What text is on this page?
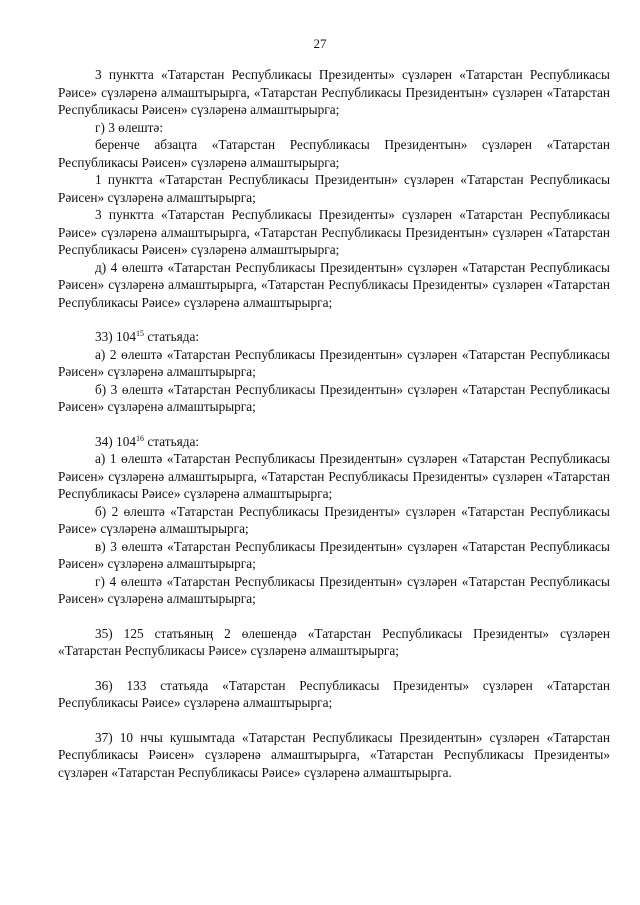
27

3 пунктта «Татарстан Республикасы Президенты» сүзләрен «Татарстан Республикасы Рәисе» сүзләренә алмаштырырга, «Татарстан Республикасы Президентын» сүзләрен «Татарстан Республикасы Рәисен» сүзләренә алмаштырырга;

г) 3 өлештә:

беренче абзацта «Татарстан Республикасы Президентын» сүзләрен «Татарстан Республикасы Рәисен» сүзләренә алмаштырырга;

1 пунктта «Татарстан Республикасы Президентын» сүзләрен «Татарстан Республикасы Рәисен» сүзләренә алмаштырырга;

3 пунктта «Татарстан Республикасы Президенты» сүзләрен «Татарстан Республикасы Рәисе» сүзләренә алмаштырырга, «Татарстан Республикасы Президентын» сүзләрен «Татарстан Республикасы Рәисен» сүзләренә алмаштырырга;

д) 4 өлештә «Татарстан Республикасы Президентын» сүзләрен «Татарстан Республикасы Рәисен» сүзләренә алмаштырырга, «Татарстан Республикасы Президенты» сүзләрен «Татарстан Республикасы Рәисе» сүзләренә алмаштырырга;

33) $104^{15}$ статьяда:

а) 2 өлештә «Татарстан Республикасы Президентын» сүзләрен «Татарстан Республикасы Рәисен» сүзләренә алмаштырырга;

б) 3 өлештә «Татарстан Республикасы Президентын» сүзләрен «Татарстан Республикасы Рәисен» сүзләренә алмаштырырга;

34) $104^{16}$ статьяда:

а) 1 өлештә «Татарстан Республикасы Президентын» сүзләрен «Татарстан Республикасы Рәисен» сүзләренә алмаштырырга, «Татарстан Республикасы Президенты» сүзләрен «Татарстан Республикасы Рәисе» сүзләренә алмаштырырга;

б) 2 өлештә «Татарстан Республикасы Президенты» сүзләрен «Татарстан Республикасы Рәисе» сүзләренә алмаштырырга;

в) 3 өлештә «Татарстан Республикасы Президентын» сүзләрен «Татарстан Республикасы Рәисен» сүзләренә алмаштырырга;

г) 4 өлештә «Татарстан Республикасы Президентын» сүзләрен «Татарстан Республикасы Рәисен» сүзләренә алмаштырырга;

35) 125 статьяның 2 өлешендә «Татарстан Республикасы Президенты» сүзләрен «Татарстан Республикасы Рәисе» сүзләренә алмаштырырга;

36) 133 статьяда «Татарстан Республикасы Президенты» сүзләрен «Татарстан Республикасы Рәисе» сүзләренә алмаштырырга;

37) 10 нчы кушымтада «Татарстан Республикасы Президентын» сүзләрен «Татарстан Республикасы Рәисен» сүзләренә алмаштырырга, «Татарстан Республикасы Президенты» сүзләрен «Татарстан Республикасы Рәисе» сүзләренә алмаштырырга.
